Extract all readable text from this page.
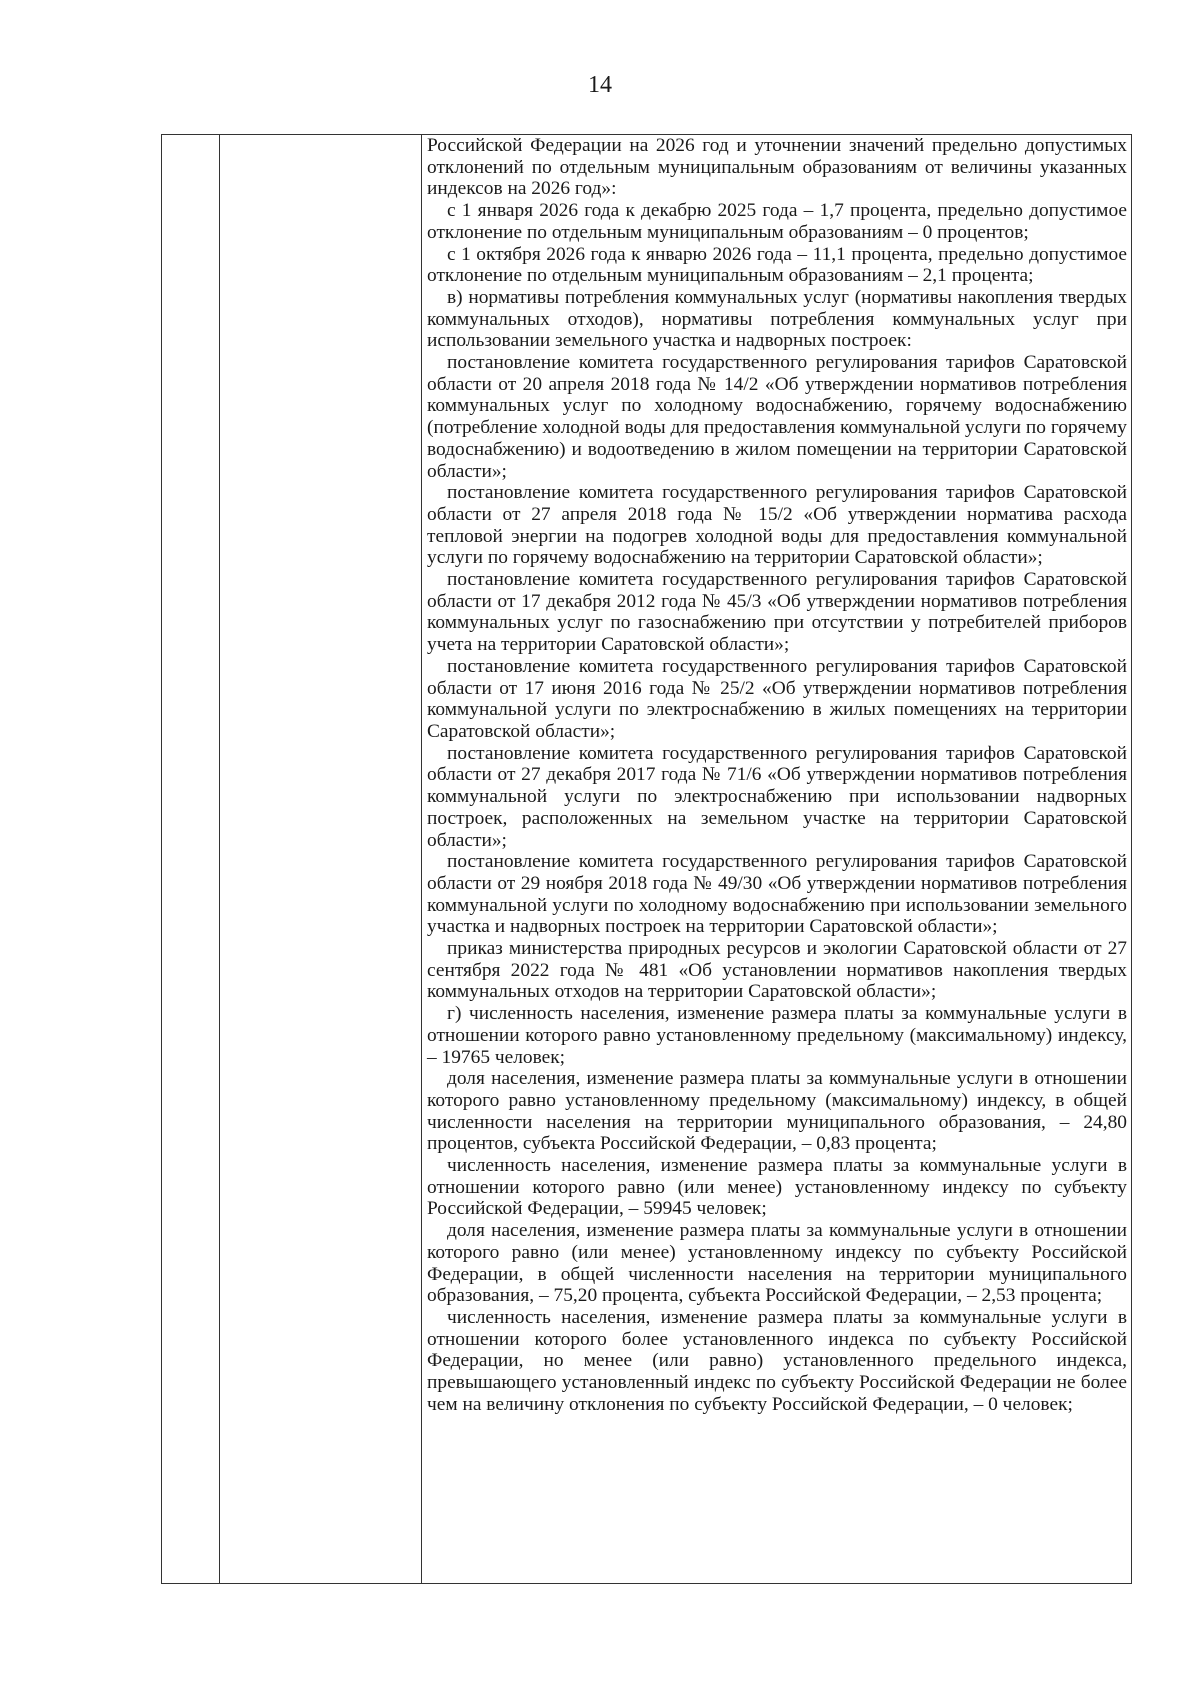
14

Российской Федерации на 2026 год и уточнении значений предельно допустимых отклонений по отдельным муниципальным образованиям от величины указанных индексов на 2026 год»:

с 1 января 2026 года к декабрю 2025 года – 1,7 процента, предельно допустимое отклонение по отдельным муниципальным образованиям – 0 процентов;

с 1 октября 2026 года к январю 2026 года – 11,1 процента, предельно допустимое отклонение по отдельным муниципальным образованиям – 2,1 процента;

в) нормативы потребления коммунальных услуг (нормативы накопления твердых коммунальных отходов), нормативы потребления коммунальных услуг при использовании земельного участка и надворных построек:

постановление комитета государственного регулирования тарифов Саратовской области от 20 апреля 2018 года № 14/2 «Об утверждении нормативов потребления коммунальных услуг по холодному водоснабжению, горячему водоснабжению (потребление холодной воды для предоставления коммунальной услуги по горячему водоснабжению) и водоотведению в жилом помещении на территории Саратовской области»;

постановление комитета государственного регулирования тарифов Саратовской области от 27 апреля 2018 года № 15/2 «Об утверждении норматива расхода тепловой энергии на подогрев холодной воды для предоставления коммунальной услуги по горячему водоснабжению на территории Саратовской области»;

постановление комитета государственного регулирования тарифов Саратовской области от 17 декабря 2012 года № 45/3 «Об утверждении нормативов потребления коммунальных услуг по газоснабжению при отсутствии у потребителей приборов учета на территории Саратовской области»;

постановление комитета государственного регулирования тарифов Саратовской области от 17 июня 2016 года № 25/2 «Об утверждении нормативов потребления коммунальной услуги по электроснабжению в жилых помещениях на территории Саратовской области»;

постановление комитета государственного регулирования тарифов Саратовской области от 27 декабря 2017 года № 71/6 «Об утверждении нормативов потребления коммунальной услуги по электроснабжению при использовании надворных построек, расположенных на земельном участке на территории Саратовской области»;

постановление комитета государственного регулирования тарифов Саратовской области от 29 ноября 2018 года № 49/30 «Об утверждении нормативов потребления коммунальной услуги по холодному водоснабжению при использовании земельного участка и надворных построек на территории Саратовской области»;

приказ министерства природных ресурсов и экологии Саратовской области от 27 сентября 2022 года № 481 «Об установлении нормативов накопления твердых коммунальных отходов на территории Саратовской области»;

г) численность населения, изменение размера платы за коммунальные услуги в отношении которого равно установленному предельному (максимальному) индексу, – 19765 человек;

доля населения, изменение размера платы за коммунальные услуги в отношении которого равно установленному предельному (максимальному) индексу, в общей численности населения на территории муниципального образования, – 24,80 процентов, субъекта Российской Федерации, – 0,83 процента;

численность населения, изменение размера платы за коммунальные услуги в отношении которого равно (или менее) установленному индексу по субъекту Российской Федерации, – 59945 человек;

доля населения, изменение размера платы за коммунальные услуги в отношении которого равно (или менее) установленному индексу по субъекту Российской Федерации, в общей численности населения на территории муниципального образования, – 75,20 процента, субъекта Российской Федерации, – 2,53 процента;

численность населения, изменение размера платы за коммунальные услуги в отношении которого более установленного индекса по субъекту Российской Федерации, но менее (или равно) установленного предельного индекса, превышающего установленный индекс по субъекту Российской Федерации не более чем на величину отклонения по субъекту Российской Федерации, – 0 человек;
